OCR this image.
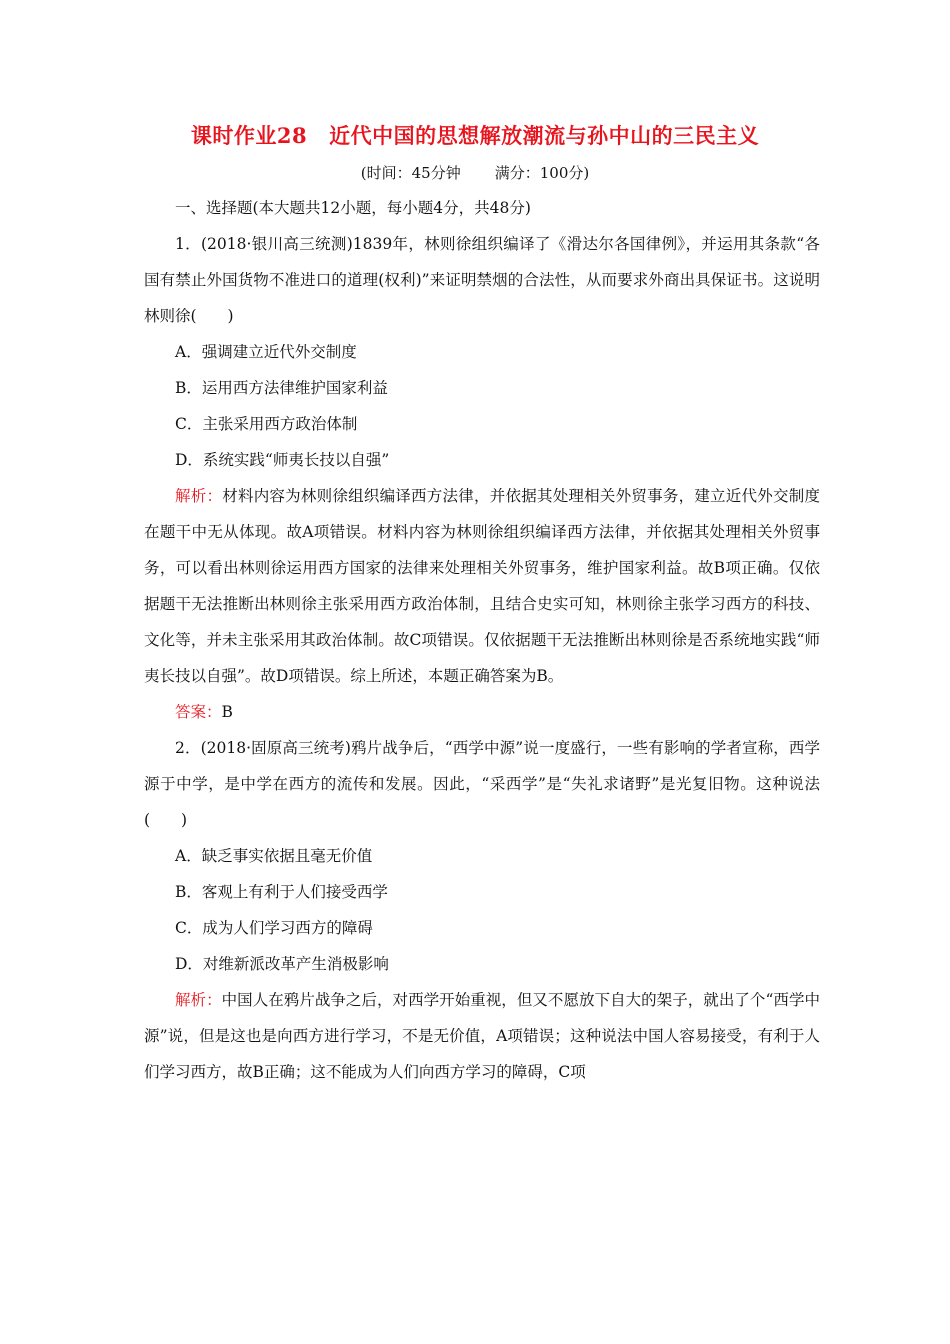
课时作业28 近代中国的思想解放潮流与孙中山的三民主义
(时间：45分钟 满分：100分)

一、选择题(本大题共12小题，每小题4分，共48分)

1．(2018·银川高三统测)1839年，林则徐组织编译了《滑达尔各国律例》，并运用其条款“各国有禁止外国货物不准进口的道理(权利)”来证明禁烟的合法性，从而要求外商出具保证书。这说明林则徐(　　)

A．强调建立近代外交制度

B．运用西方法律维护国家利益

C．主张采用西方政治体制

D．系统实践“师夷长技以自强”

解析：材料内容为林则徐组织编译西方法律，并依据其处理相关外贸事务，建立近代外交制度在题干中无从体现。故A项错误。材料内容为林则徐组织编译西方法律，并依据其处理相关外贸事务，可以看出林则徐运用西方国家的法律来处理相关外贸事务，维护国家利益。故B项正确。仅依据题干无法推断出林则徐主张采用西方政治体制，且结合史实可知，林则徐主张学习西方的科技、文化等，并未主张采用其政治体制。故C项错误。仅依据题干无法推断出林则徐是否系统地实践“师夷长技以自强”。故D项错误。综上所述，本题正确答案为B。

答案：B

2．(2018·固原高三统考)鸦片战争后，“西学中源”说一度盛行，一些有影响的学者宣称，西学源于中学，是中学在西方的流传和发展。因此，“采西学”是“失礼求诸野”是光复旧物。这种说法(　　)

A．缺乏事实依据且毫无价值

B．客观上有利于人们接受西学

C．成为人们学习西方的障碍

D．对维新派改革产生消极影响

解析：中国人在鸦片战争之后，对西学开始重视，但又不愿放下自大的架子，就出了个“西学中源”说，但是这也是向西方进行学习，不是无价值，A项错误；这种说法中国人容易接受，有利于人们学习西方，故B正确；这不能成为人们向西方学习的障碍，C项
